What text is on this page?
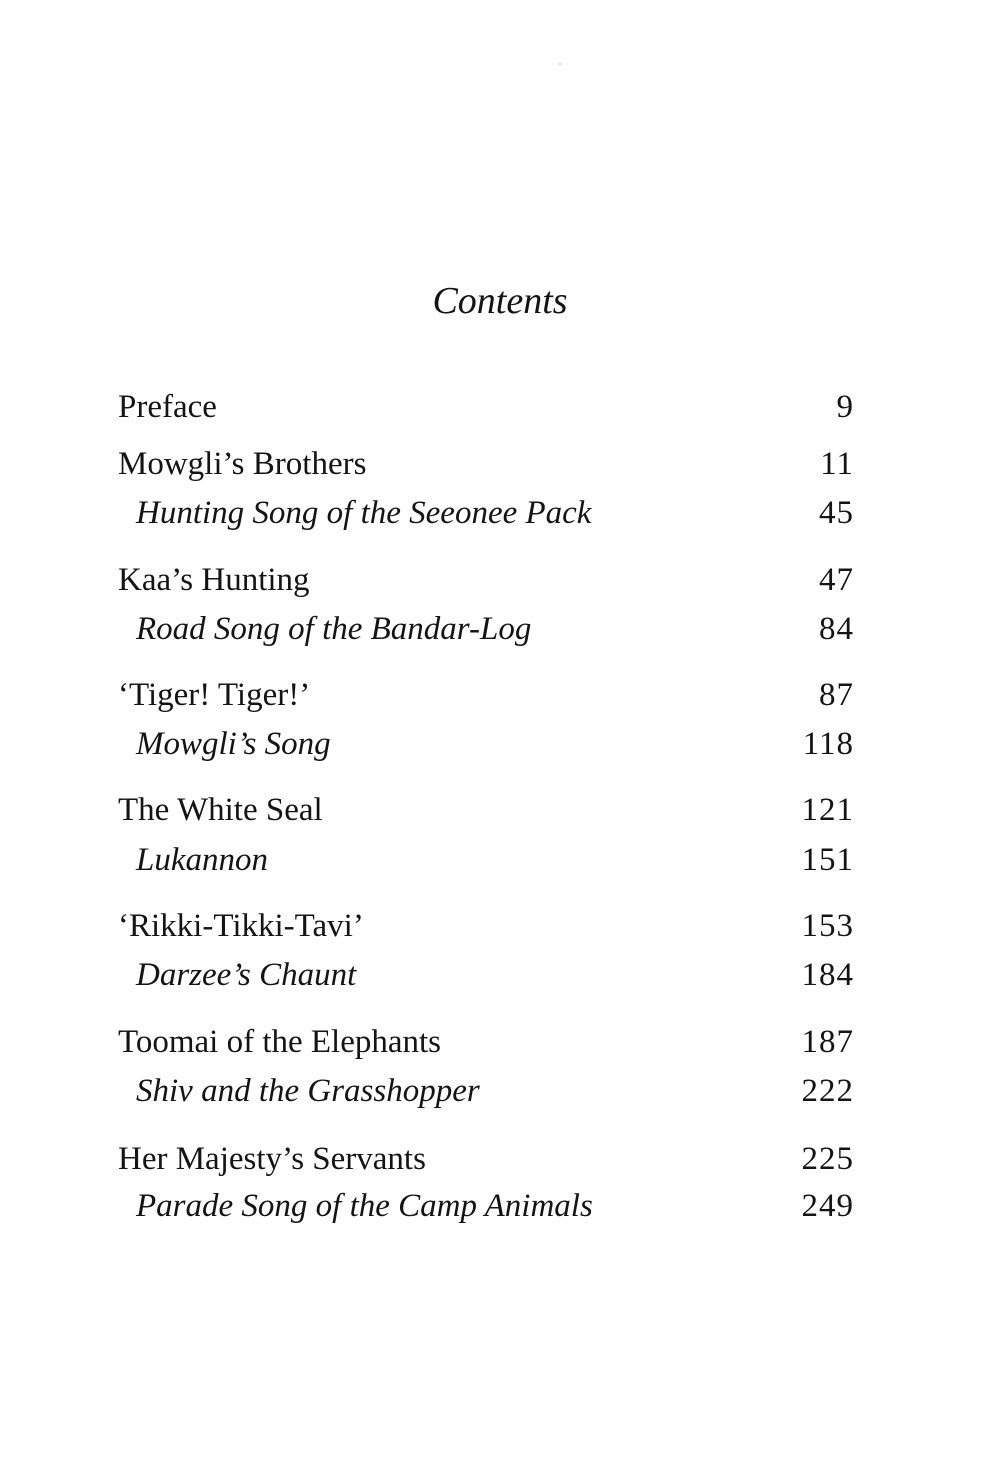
Contents
Preface	9
Mowgli’s Brothers	11
Hunting Song of the Seeonee Pack	45
Kaa’s Hunting	47
Road Song of the Bandar-Log	84
‘Tiger! Tiger!’	87
Mowgli’s Song	118
The White Seal	121
Lukannon	151
‘Rikki-Tikki-Tavi’	153
Darzee’s Chaunt	184
Toomai of the Elephants	187
Shiv and the Grasshopper	222
Her Majesty’s Servants	225
Parade Song of the Camp Animals	249
